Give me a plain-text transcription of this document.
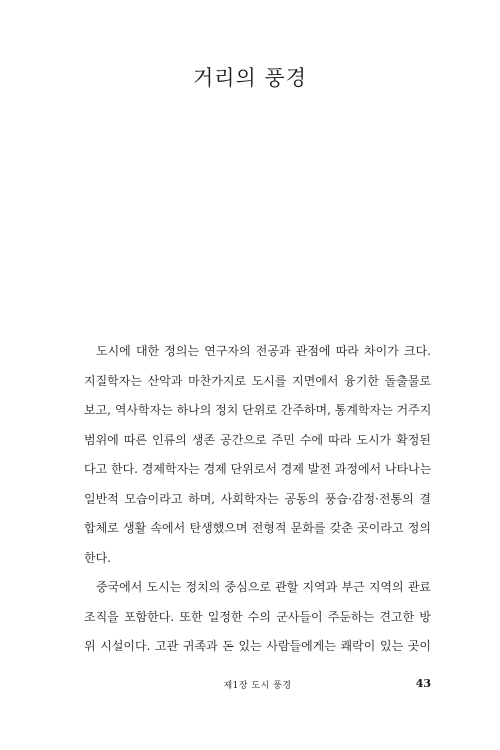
거리의 풍경

도시에 대한 정의는 연구자의 전공과 관점에 따라 차이가 크다.
지질학자는 산악과 마찬가지로 도시를 지면에서 융기한 돌출물로
보고, 역사학자는 하나의 정치 단위로 간주하며, 통계학자는 거주지
범위에 따른 인류의 생존 공간으로 주민 수에 따라 도시가 확정된
다고 한다. 경제학자는 경제 단위로서 경제 발전 과정에서 나타나는
일반적 모습이라고 하며, 사회학자는 공동의 풍습·감정·전통의 결
합체로 생활 속에서 탄생했으며 전형적 문화를 갖춘 곳이라고 정의
한다.

중국에서 도시는 정치의 중심으로 관할 지역과 부근 지역의 관료
조직을 포함한다. 또한 일정한 수의 군사들이 주둔하는 견고한 방
위 시설이다. 고관 귀족과 돈 있는 사람들에게는 쾌락이 있는 곳이

제1장 도시 풍경	43
